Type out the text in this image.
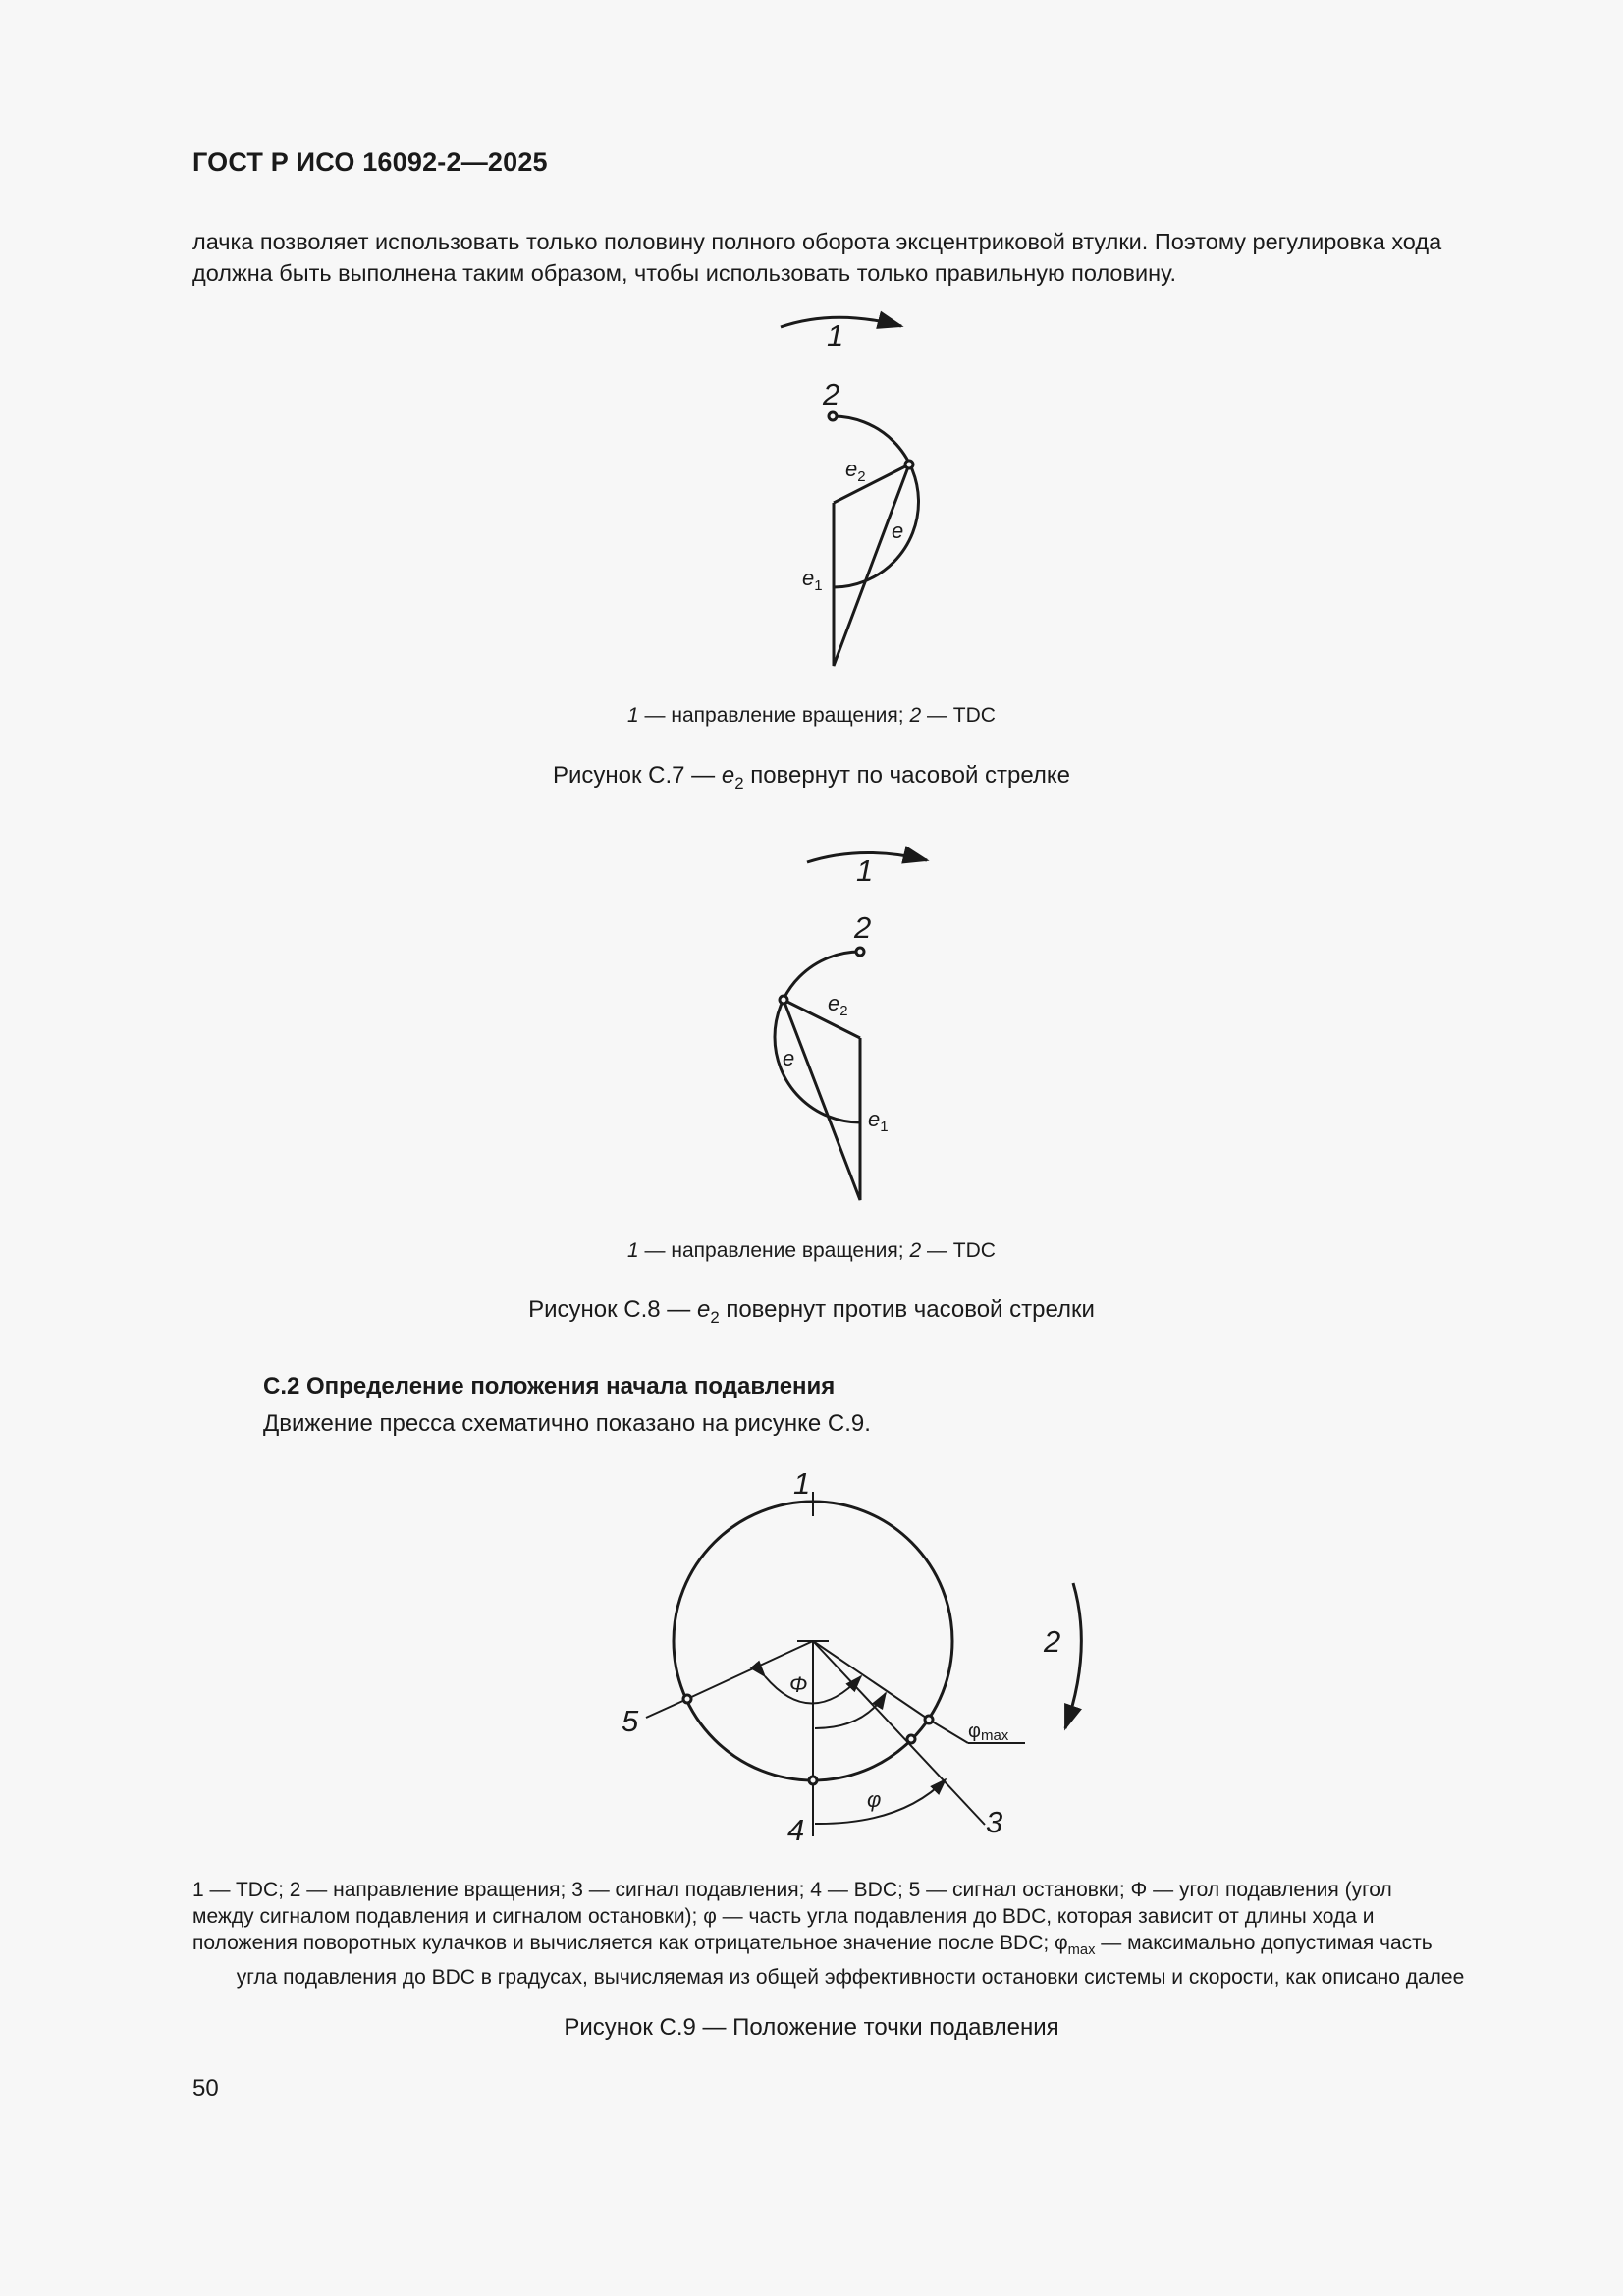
ГОСТ Р ИСО 16092-2—2025
лачка позволяет использовать только половину полного оборота эксцентриковой втулки. Поэтому регулировка хода
должна быть выполнена таким образом, чтобы использовать только правильную половину.
1
2
$e_2$
e
$e_1$
1
2
$e_2$
e
$e_1$
1
2
3
4
5
Φ
φ
φmax
1 — направление вращения; 2 — TDC
Рисунок С.7 — $e_2$ повернут по часовой стрелке
1 — направление вращения; 2 — TDC
Рисунок С.8 — $e_2$ повернут против часовой стрелки
С.2 Определение положения начала подавления
Движение пресса схематично показано на рисунке С.9.
1 — TDC; 2 — направление вращения; 3 — сигнал подавления; 4 — BDC; 5 — сигнал остановки; Φ — угол подавления (угол
между сигналом подавления и сигналом остановки); φ — часть угла подавления до BDC, которая зависит от длины хода и
положения поворотных кулачков и вычисляется как отрицательное значение после BDC; $\varphi_{max}$ — максимально допустимая часть
угла подавления до BDC в градусах, вычисляемая из общей эффективности остановки системы и скорости, как описано далее
Рисунок С.9 — Положение точки подавления
50
